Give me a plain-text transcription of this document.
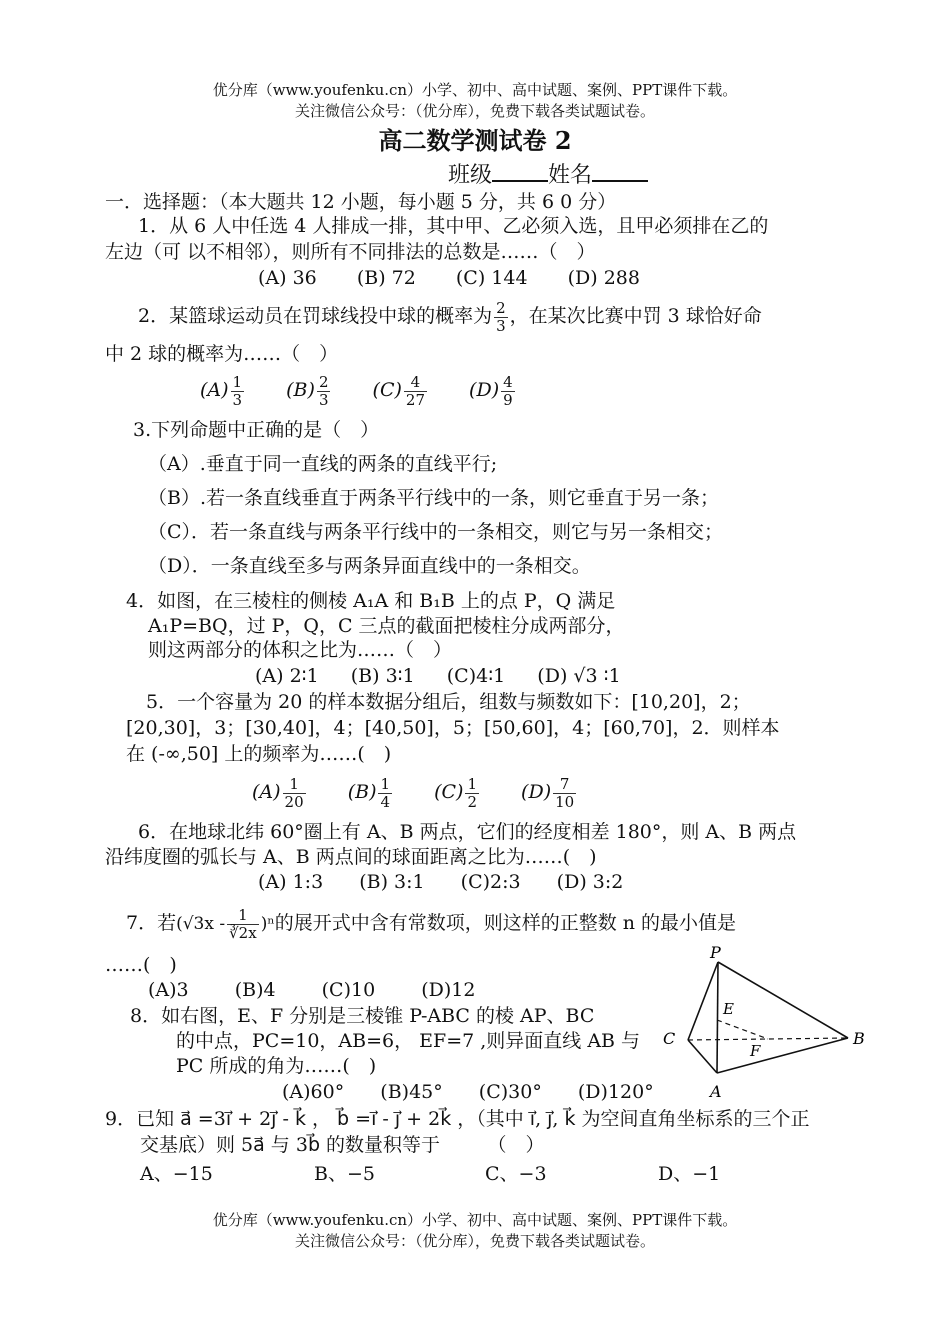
优分库（www.youfenku.cn）小学、初中、高中试题、案例、PPT课件下载。
关注微信公众号：（优分库），免费下载各类试题试卷。
高二数学测试卷 2
班级	姓名
一．选择题：（本大题共 12 小题，每小题 5 分，共 6 0 分）
1．从 6 人中任选 4 人排成一排，其中甲、乙必须入选，且甲必须排在乙的
左边（可 以不相邻），则所有不同排法的总数是……（　）
(A) 36 (B) 72 (C) 144 (D) 288
2．某篮球运动员在罚球线投中球的概率为 $\frac{2}{3}$ ，在某次比赛中罚 3 球恰好命
中 2 球的概率为……（　）
$(A) \frac{1}{3} (B) \frac{2}{3} (C) \frac{4}{27} (D) \frac{4}{9}$
3.下列命题中正确的是（　）
（A）.垂直于同一直线的两条的直线平行;
（B）.若一条直线垂直于两条平行线中的一条，则它垂直于另一条；
（C）．若一条直线与两条平行线中的一条相交，则它与另一条相交；
（D）．一条直线至多与两条异面直线中的一条相交。
4．如图，在三棱柱的侧棱 A₁A 和 B₁B 上的点 P，Q 满足
A₁P=BQ，过 P，Q，C 三点的截面把棱柱分成两部分，
则这两部分的体积之比为……（　）
(A) 2∶1 (B) 3∶1 (C)4∶1 (D) √3 ∶1
5．一个容量为 20 的样本数据分组后，组数与频数如下：[10,20]，2；
[20,30]，3；[30,40]，4；[40,50]，5；[50,60]，4；[60,70]，2．则样本
在 (-∞,50] 上的频率为……(　)
$(A) \frac{1}{20} (B) \frac{1}{4} (C) \frac{1}{2} (D) \frac{7}{10}$
6．在地球北纬 60°圈上有 A、B 两点，它们的经度相差 180°，则 A、B 两点
沿纬度圈的弧长与 A、B 两点间的球面距离之比为……(　)
(A) 1:3 (B) 3:1 (C)2:3 (D) 3:2
7．若$(√3x - \frac{1}{∛2x} )^n$的展开式中含有常数项，则这样的正整数 n 的最小值是
……(　)
(A)3 (B)4 (C)10 (D)12
8．如右图，E、F 分别是三棱锥 P-ABC 的棱 AP、BC
的中点，PC=10，AB=6， EF=7 ,则异面直线 AB 与
PC 所成的角为……(　)
(A)60° (B)45° (C)30° (D)120°
P
A
B
C
E
F
9．已知 a⃗ =3i⃗ + 2j⃗ - k⃗ ， b⃗ =i⃗ - j⃗ + 2k⃗ ，（其中 i⃗, j⃗, k⃗ 为空间直角坐标系的三个正
交基底）则 5a⃗ 与 3b⃗ 的数量积等于　　　（　）
A、−15	B、−5	C、−3	D、−1
优分库（www.youfenku.cn）小学、初中、高中试题、案例、PPT课件下载。
关注微信公众号：（优分库），免费下载各类试题试卷。
